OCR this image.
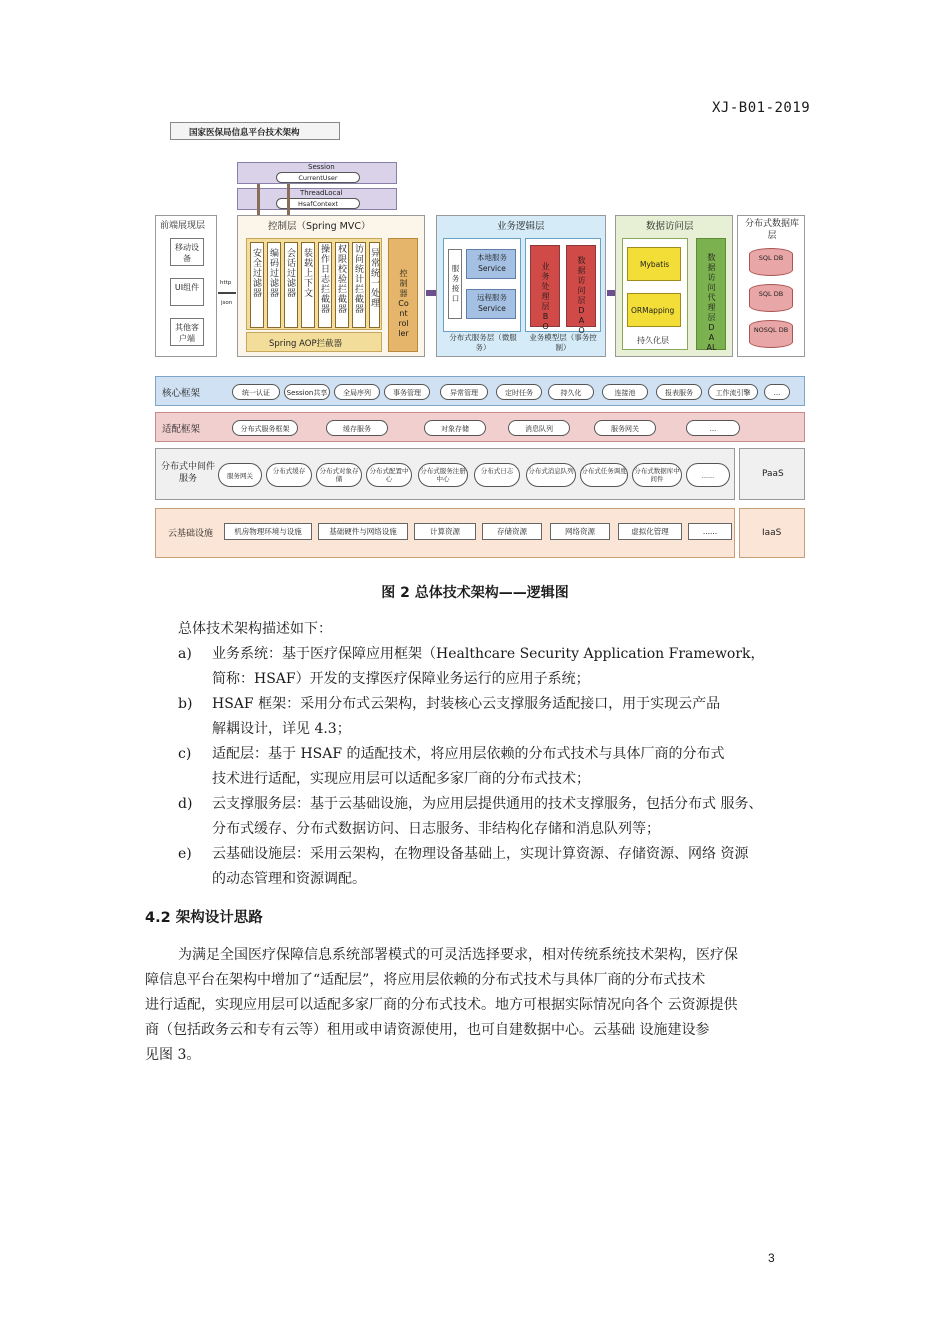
XJ-B01-2019
国家医保局信息平台技术架构
Session
CurrentUser
ThreadLocal
HsafContext
前端展现层
移动设备
UI组件
其他客户端
http
json
控制层（Spring MVC）
安全过滤器
编码过滤器
会话过滤器
装载上下文
操作日志拦截器
权限校验拦截器
访问统计拦截器
异常统一处理
Spring AOP拦截器
控制器Controller
业务逻辑层
服务接口
本地服务Service
远程服务Service
业务处理层BO
数据访问层DAO
分布式服务层（微服务）
业务模型层（事务控制）
数据访问层
Mybatis
ORMapping
持久化层
数据访问代理层DAAL
分布式数据库层
SQL DB
SQL DB
NOSQL DB
核心框架	统一认证	Session共享	全局序列	事务管理	异常管理	定时任务	持久化	连接池	报表服务	工作流引擎	...
适配框架	分布式服务框架	缓存服务	对象存储	消息队列	服务网关	...
分布式中间件服务	服务网关
分布式缓存	分布式对象存储
分布式配置中心
分布式服务注册中心
分布式日志	分布式消息队列	分布式任务调度	分布式数据库中间件	......	PaaS
云基础设施	机房物理环境与设施	基础硬件与网络设施	计算资源	存储资源	网络资源	虚拟化管理	......	IaaS
图 2 总体技术架构——逻辑图
总体技术架构描述如下：
a) 业务系统：基于医疗保障应用框架（Healthcare Security Application Framework，
简称：HSAF）开发的支撑医疗保障业务运行的应用子系统；
b) HSAF 框架：采用分布式云架构，封装核心云支撑服务适配接口，用于实现云产品
解耦设计，详见 4.3；
c) 适配层：基于 HSAF 的适配技术，将应用层依赖的分布式技术与具体厂商的分布式
技术进行适配，实现应用层可以适配多家厂商的分布式技术；
d) 云支撑服务层：基于云基础设施，为应用层提供通用的技术支撑服务，包括分布式 服务、
分布式缓存、分布式数据访问、日志服务、非结构化存储和消息队列等；
e) 云基础设施层：采用云架构，在物理设备基础上，实现计算资源、存储资源、网络 资源
的动态管理和资源调配。
4.2 架构设计思路
为满足全国医疗保障信息系统部署模式的可灵活选择要求，相对传统系统技术架构，医疗保
障信息平台在架构中增加了“适配层”，将应用层依赖的分布式技术与具体厂商的分布式技术
进行适配，实现应用层可以适配多家厂商的分布式技术。地方可根据实际情况向各个 云资源提供
商（包括政务云和专有云等）租用或申请资源使用，也可自建数据中心。云基础 设施建设参
见图 3。
3
